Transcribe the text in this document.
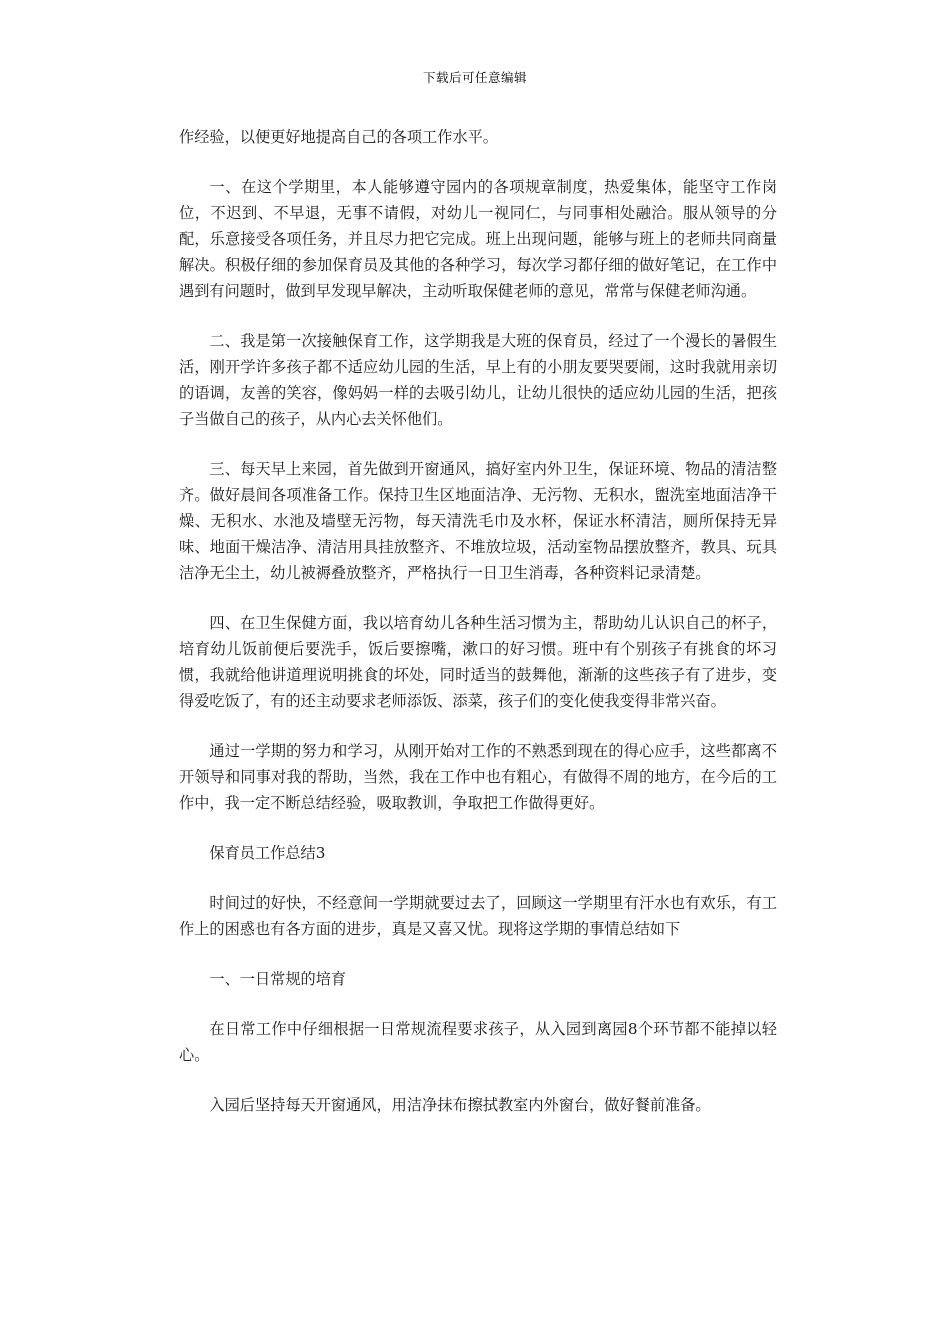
下载后可任意编辑

作经验，以便更好地提高自己的各项工作水平。

一、在这个学期里，本人能够遵守园内的各项规章制度，热爱集体，能坚守工作岗位，不迟到、不早退，无事不请假，对幼儿一视同仁，与同事相处融洽。服从领导的分配，乐意接受各项任务，并且尽力把它完成。班上出现问题，能够与班上的老师共同商量解决。积极仔细的参加保育员及其他的各种学习，每次学习都仔细的做好笔记，在工作中遇到有问题时，做到早发现早解决，主动听取保健老师的意见，常常与保健老师沟通。

二、我是第一次接触保育工作，这学期我是大班的保育员，经过了一个漫长的暑假生活，刚开学许多孩子都不适应幼儿园的生活，早上有的小朋友要哭要闹，这时我就用亲切的语调，友善的笑容，像妈妈一样的去吸引幼儿，让幼儿很快的适应幼儿园的生活，把孩子当做自己的孩子，从内心去关怀他们。

三、每天早上来园，首先做到开窗通风，搞好室内外卫生，保证环境、物品的清洁整齐。做好晨间各项准备工作。保持卫生区地面洁净、无污物、无积水，盥洗室地面洁净干燥、无积水、水池及墙壁无污物，每天清洗毛巾及水杯，保证水杯清洁，厕所保持无异味、地面干燥洁净、清洁用具挂放整齐、不堆放垃圾，活动室物品摆放整齐，教具、玩具洁净无尘土，幼儿被褥叠放整齐，严格执行一日卫生消毒，各种资料记录清楚。

四、在卫生保健方面，我以培育幼儿各种生活习惯为主，帮助幼儿认识自己的杯子，培育幼儿饭前便后要洗手，饭后要擦嘴，漱口的好习惯。班中有个别孩子有挑食的坏习惯，我就给他讲道理说明挑食的坏处，同时适当的鼓舞他，渐渐的这些孩子有了进步，变得爱吃饭了，有的还主动要求老师添饭、添菜，孩子们的变化使我变得非常兴奋。

通过一学期的努力和学习，从刚开始对工作的不熟悉到现在的得心应手，这些都离不开领导和同事对我的帮助，当然，我在工作中也有粗心，有做得不周的地方，在今后的工作中，我一定不断总结经验，吸取教训，争取把工作做得更好。

保育员工作总结3

时间过的好快，不经意间一学期就要过去了，回顾这一学期里有汗水也有欢乐，有工作上的困惑也有各方面的进步，真是又喜又忧。现将这学期的事情总结如下

一、一日常规的培育

在日常工作中仔细根据一日常规流程要求孩子，从入园到离园8个环节都不能掉以轻心。

入园后坚持每天开窗通风，用洁净抹布擦拭教室内外窗台，做好餐前准备。
